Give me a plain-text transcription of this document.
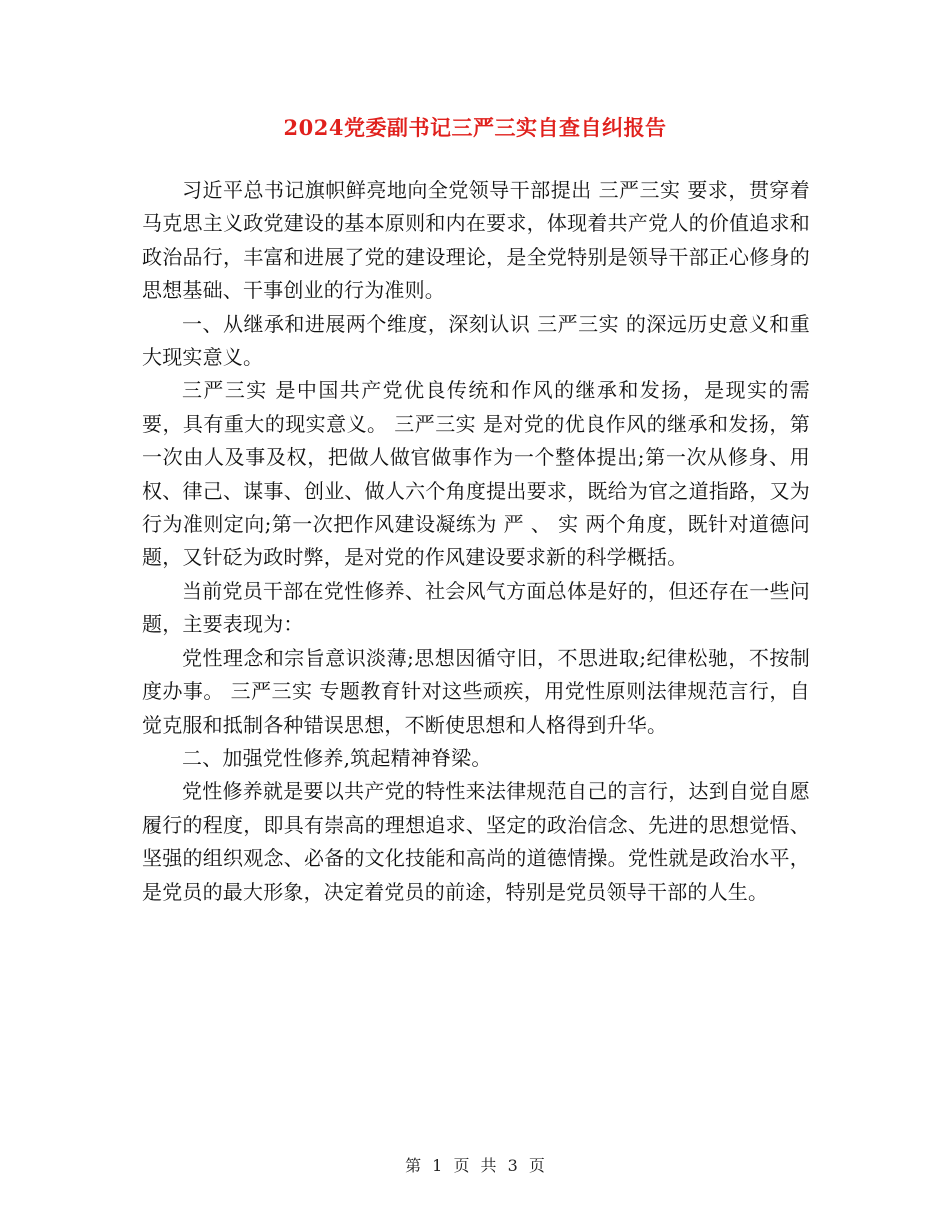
2024党委副书记三严三实自查自纠报告

习近平总书记旗帜鲜亮地向全党领导干部提出 三严三实 要求，贯穿着马克思主义政党建设的基本原则和内在要求，体现着共产党人的价值追求和政治品行，丰富和进展了党的建设理论，是全党特别是领导干部正心修身的思想基础、干事创业的行为准则。

一、从继承和进展两个维度，深刻认识 三严三实 的深远历史意义和重大现实意义。

三严三实 是中国共产党优良传统和作风的继承和发扬，是现实的需要，具有重大的现实意义。 三严三实 是对党的优良作风的继承和发扬，第一次由人及事及权，把做人做官做事作为一个整体提出;第一次从修身、用权、律己、谋事、创业、做人六个角度提出要求，既给为官之道指路，又为行为准则定向;第一次把作风建设凝练为 严 、 实 两个角度，既针对道德问题，又针砭为政时弊，是对党的作风建设要求新的科学概括。

当前党员干部在党性修养、社会风气方面总体是好的，但还存在一些问题，主要表现为：

党性理念和宗旨意识淡薄;思想因循守旧，不思进取;纪律松驰，不按制度办事。 三严三实 专题教育针对这些顽疾，用党性原则法律规范言行，自觉克服和抵制各种错误思想，不断使思想和人格得到升华。

二、加强党性修养,筑起精神脊梁。

党性修养就是要以共产党的特性来法律规范自己的言行，达到自觉自愿履行的程度，即具有崇高的理想追求、坚定的政治信念、先进的思想觉悟、坚强的组织观念、必备的文化技能和高尚的道德情操。党性就是政治水平，是党员的最大形象，决定着党员的前途，特别是党员领导干部的人生。

第 1 页 共 3 页
